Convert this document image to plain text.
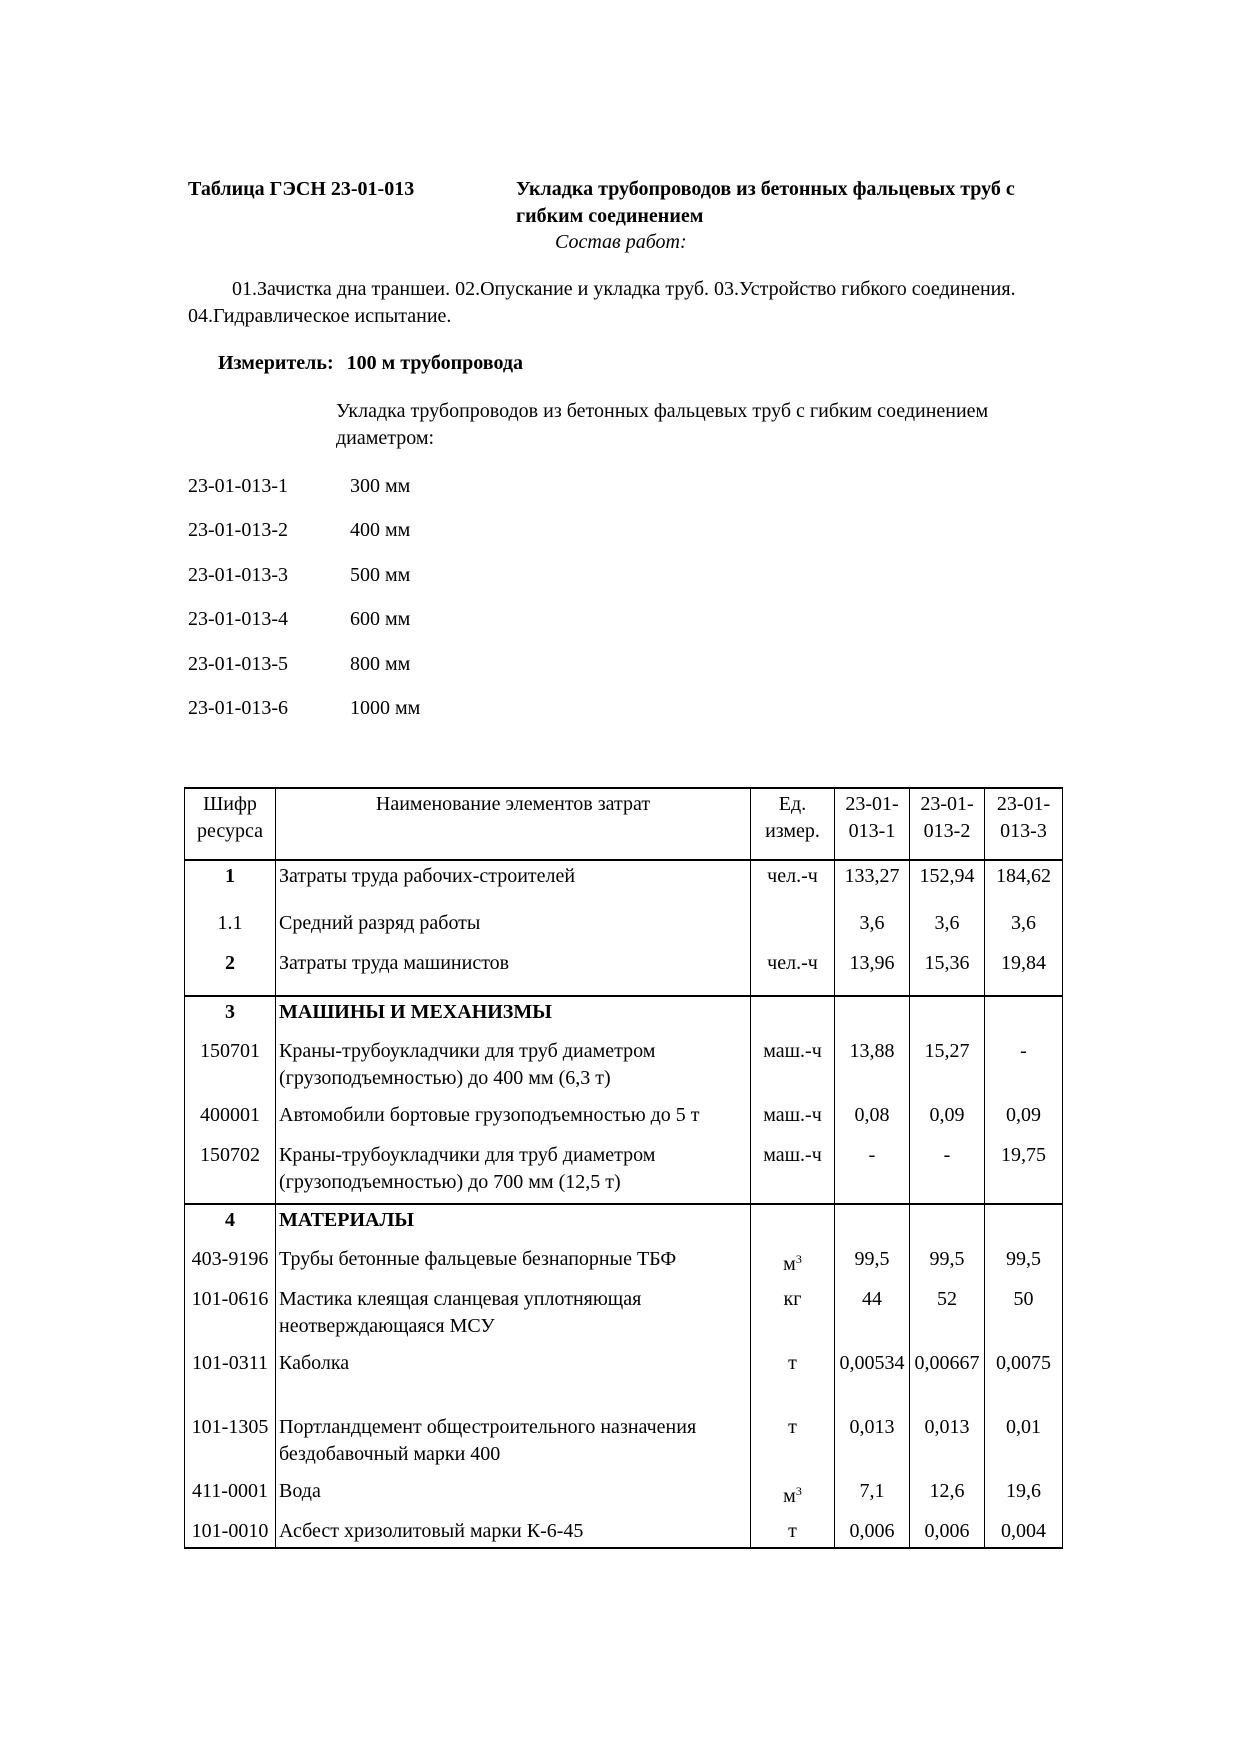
Таблица ГЭСН 23-01-013	Укладка трубопроводов из бетонных фальцевых труб с гибким соединением
Состав работ:
01.Зачистка дна траншеи. 02.Опускание и укладка труб. 03.Устройство гибкого соединения. 04.Гидравлическое испытание.
Измеритель: 100 м трубопровода
Укладка трубопроводов из бетонных фальцевых труб с гибким соединением диаметром:
23-01-013-1	300 мм
23-01-013-2	400 мм
23-01-013-3	500 мм
23-01-013-4	600 мм
23-01-013-5	800 мм
23-01-013-6	1000 мм
Шифр ресурса	Наименование элементов затрат	Ед. измер.	23-01-013-1	23-01-013-2	23-01-013-3
1	Затраты труда рабочих-строителей	чел.-ч	133,27	152,94	184,62
1.1	Средний разряд работы		3,6	3,6	3,6
2	Затраты труда машинистов	чел.-ч	13,96	15,36	19,84
3	МАШИНЫ И МЕХАНИЗМЫ				
150701	Краны-трубоукладчики для труб диаметром (грузоподъемностью) до 400 мм (6,3 т)	маш.-ч	13,88	15,27	-
400001	Автомобили бортовые грузоподъемностью до 5 т	маш.-ч	0,08	0,09	0,09
150702	Краны-трубоукладчики для труб диаметром (грузоподъемностью) до 700 мм (12,5 т)	маш.-ч	-	-	19,75
4	МАТЕРИАЛЫ				
403-9196	Трубы бетонные фальцевые безнапорные ТБФ	$м^3$	99,5	99,5	99,5
101-0616	Мастика клеящая сланцевая уплотняющая неотверждающаяся МСУ	кг	44	52	50
101-0311	Каболка	т	0,00534	0,00667	0,0075
101-1305	Портландцемент общестроительного назначения бездобавочный марки 400	т	0,013	0,013	0,01
411-0001	Вода	$м^3$	7,1	12,6	19,6
101-0010	Асбест хризолитовый марки К-6-45	т	0,006	0,006	0,004
